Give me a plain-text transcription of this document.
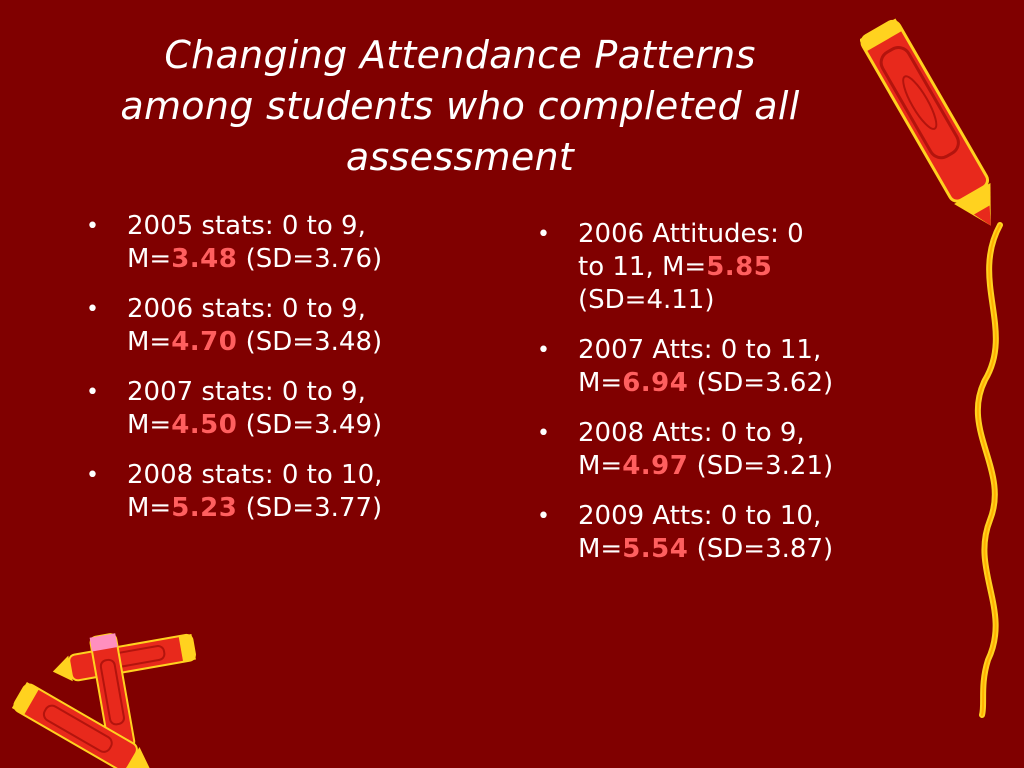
Changing Attendance Patterns
among students who completed all
assessment
• 2005 stats: 0 to 9,
M=3.48 (SD=3.76)
• 2006 stats: 0 to 9,
M=4.70 (SD=3.48)
• 2007 stats: 0 to 9,
M=4.50 (SD=3.49)
• 2008 stats: 0 to 10,
M=5.23 (SD=3.77)
• 2006 Attitudes: 0
to 11, M=5.85
(SD=4.11)
• 2007 Atts: 0 to 11,
M=6.94 (SD=3.62)
• 2008 Atts: 0 to 9,
M=4.97 (SD=3.21)
• 2009 Atts: 0 to 10,
M=5.54 (SD=3.87)
